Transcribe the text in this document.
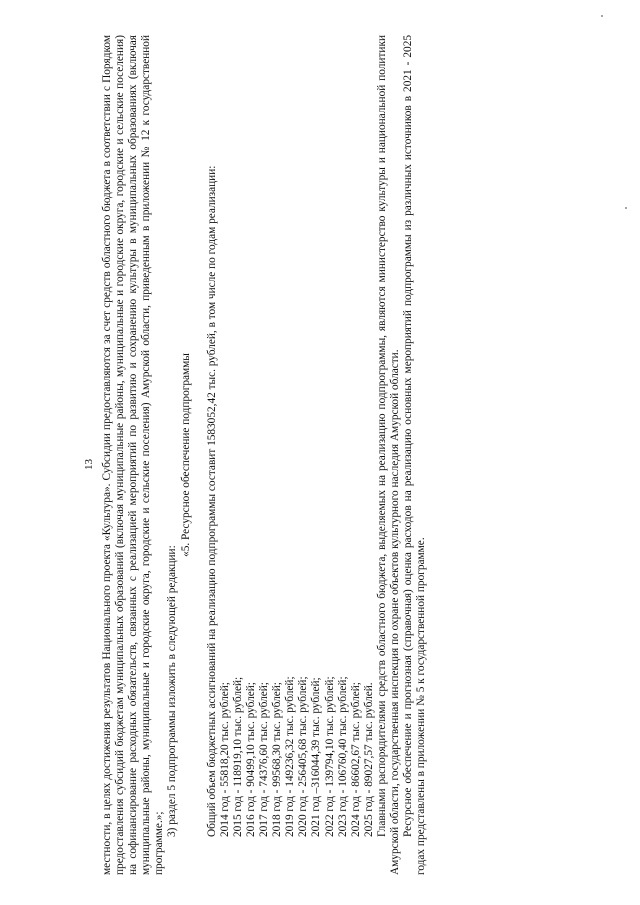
13 местности, в целях достижения результатов Национального проекта «Культура». Субсидии предоставляются за счет средств областного бюджета в соответствии с Порядком предоставления субсидий бюджетам муниципальных образований (включая муниципальные районы, муниципальные и городские округа, городские и сельские поселения) на софинансирование расходных обязательств, связанных с реализацией мероприятий по развитию и сохранению культуры в муниципальных образованиях (включая муниципальные районы, муниципальные и городские округа, городские и сельские поселения) Амурской области, приведенным в приложении № 12 к государственной программе.»;

3) раздел 5 подпрограммы изложить в следующей редакции:

«5. Ресурсное обеспечение подпрограммы Общий объем бюджетных ассигнований на реализацию подпрограммы составит 1583052,42 тыс. рублей, в том числе по годам реализации: 2014 год - 55818,20 тыс. рублей; 2015 год - 118919,10 тыс. рублей; 2016 год - 90499,10 тыс. рублей; 2017 год - 74376,60 тыс. рублей; 2018 год - 99568,30 тыс. рублей; 2019 год - 149236,32 тыс. рублей; 2020 год - 256405,68 тыс. рублей; 2021 год –316044,39 тыс. рублей; 2022 год - 139794,10 тыс. рублей; 2023 год - 106760,40 тыс. рублей; 2024 год - 86602,67 тыс. рублей; 2025 год - 89027,57 тыс. рублей. Главными распорядителями средств областного бюджета, выделяемых на реализацию подпрограммы, являются министерство культуры и национальной политики Амурской области, государственная инспекция по охране объектов культурного наследия Амурской области. Ресурсное обеспечение и прогнозная (справочная) оценка расходов на реализацию основных мероприятий подпрограммы из различных источников в 2021 - 2025 годах представлены в приложении № 5 к государственной программе.
